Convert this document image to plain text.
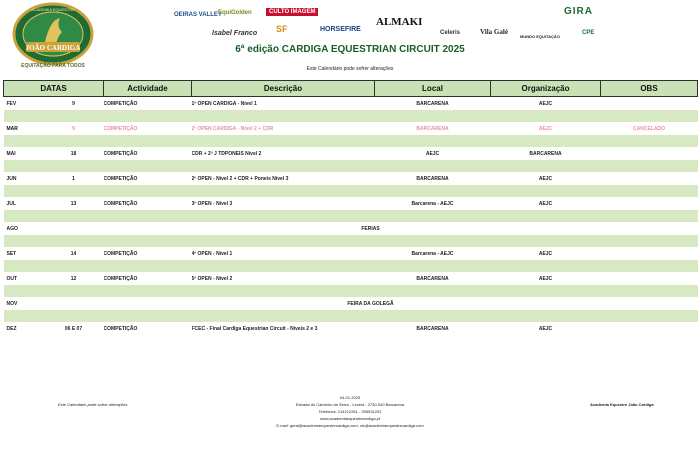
JOÃO CARDIGA
ACADEMIA EQUESTRE
EQUITAÇÃO PARA TODOS
OEIRAS VALLEY
EquiGolden
Isabel Franco
CULTO IMAGEM
SF	HORSEFIRE
ALMAKI
Celeris	Vila Galé
MUNDO EQUITAÇÃO
GIRA
CPE
6ª edição CARDIGA EQUESTRIAN CIRCUIT 2025
Este Calendário pode sofrer alterações
DATAS		Actividade	Descrição	Local	Organização	OBS
FEV	9	COMPETIÇÃO	1º OPEN CARDIGA - Nível 1	BARCARENA	AEJC	

MAR	9	COMPETIÇÃO	2º OPEN CARDIGA - Nível 2 + CDR	BARCARENA	AEJC	CANCELADO

MAI	18	COMPETIÇÃO	CDR + 2ª J TDPONEIS Nível 2	AEJC	BARCARENA	

JUN	1	COMPETIÇÃO	2º OPEN - Nível 2 + CDR + Poneis Nível 3	BARCARENA	AEJC	

JUL	13	COMPETIÇÃO	3º OPEN - Nível 3	Barcarena - AEJC	AEJC	

AGO	FERIAS					

SET	14	COMPETIÇÃO	4º OPEN - Nível 1	Barcarena - AEJC	AEJC	

OUT	12	COMPETIÇÃO	5º OPEN - Nível 2	BARCARENA	AEJC	

NOV	FEIRA DA GOLEGÃ					

DEZ	06 E 07	COMPETIÇÃO	FCEC - Final Cardiga Equestrian Circuit - Niveis 2 e 3	BARCARENA	AEJC	
Este Calendário pode sofrer alterações
04-01-2025
Estrada do Caminho da Serra - Leceia - 2730-040 Barcarena
Telefones: 214212261 - 935531292
www.academiaequestrecardiga.pt
E-mail: geral@academiaequestrecardiga.com; ctc@academiaequestrecardiga.com
Academia Equestre João Cardiga
